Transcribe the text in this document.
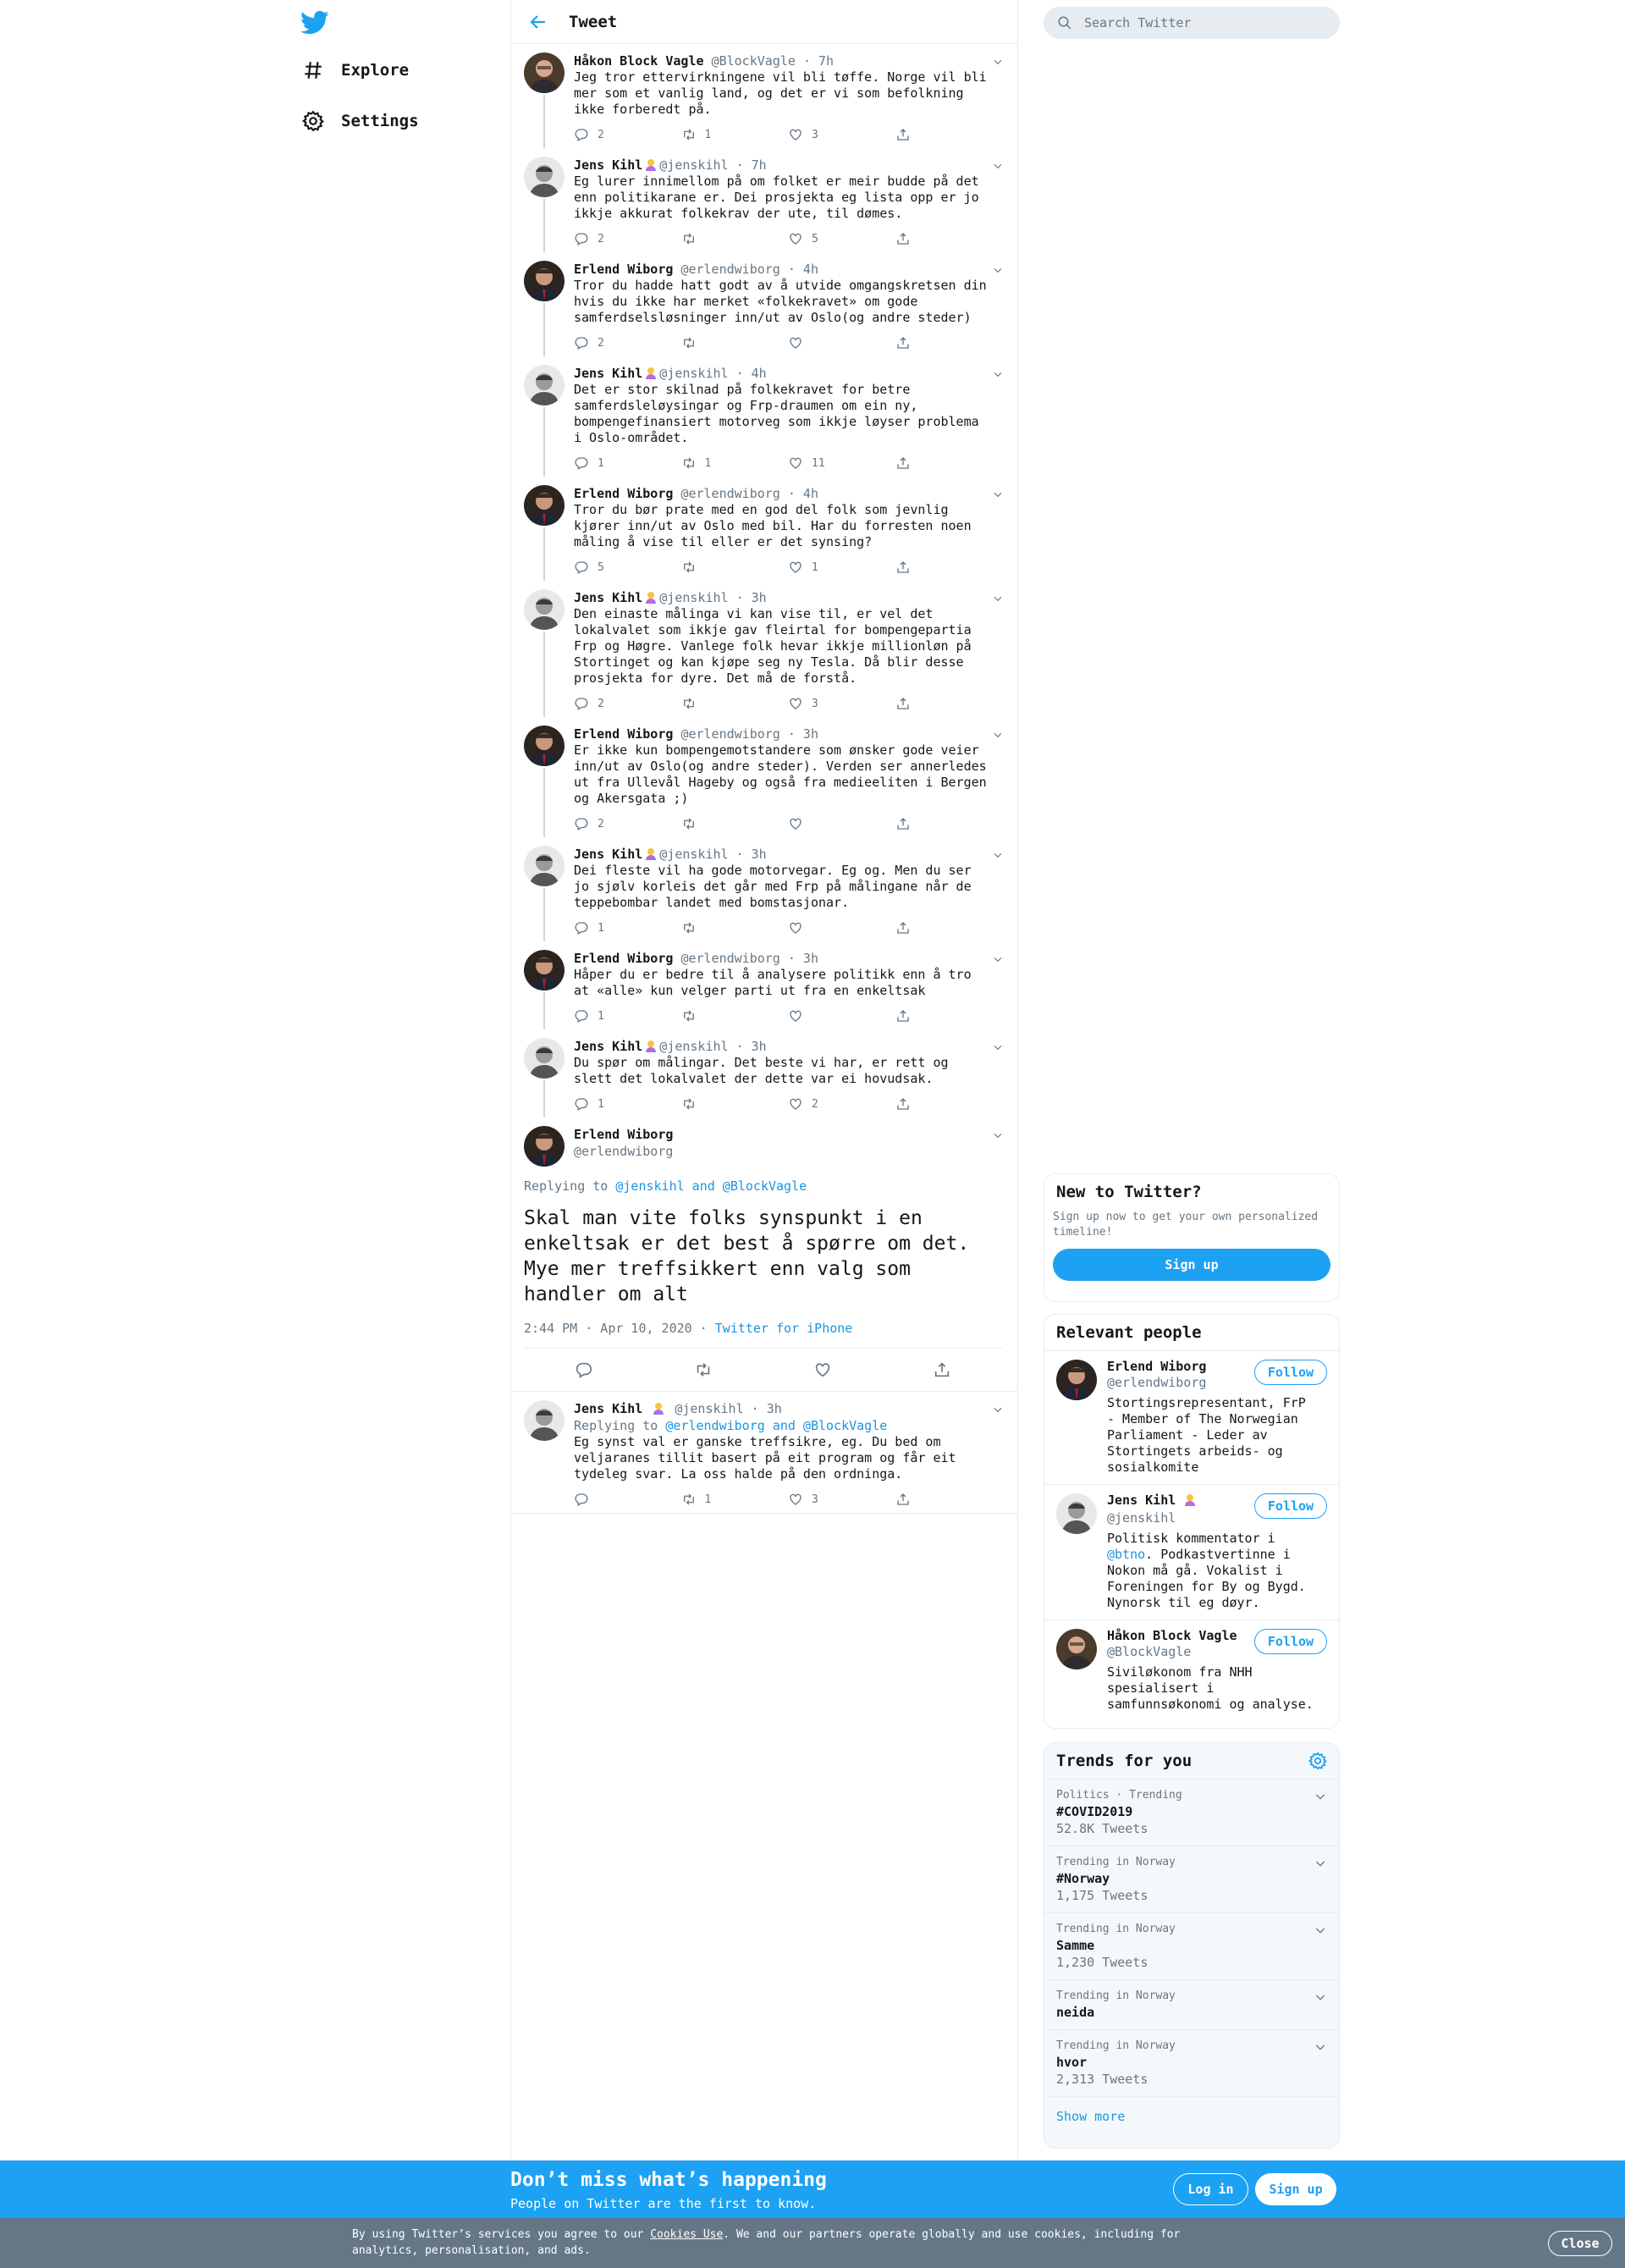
Explore
Settings
Tweet
Håkon Block Vagle @BlockVagle · 7h
Jeg tror ettervirkningene vil bli tøffe. Norge vil bli mer som et vanlig land, og det er vi som befolkning ikke forberedt på.
2	1	3
Jens Kihl @jenskihl · 7h
Eg lurer innimellom på om folket er meir budde på det enn politikarane er. Dei prosjekta eg lista opp er jo ikkje akkurat folkekrav der ute, til dømes.
2	5
Erlend Wiborg @erlendwiborg · 4h
Tror du hadde hatt godt av å utvide omgangskretsen din hvis du ikke har merket «folkekravet» om gode samferdselsløsninger inn/ut av Oslo(og andre steder)
2
Jens Kihl @jenskihl · 4h
Det er stor skilnad på folkekravet for betre samferdsleløysingar og Frp-draumen om ein ny, bompengefinansiert motorveg som ikkje løyser problema i Oslo-området.
1	1	11
Erlend Wiborg @erlendwiborg · 4h
Tror du bør prate med en god del folk som jevnlig kjører inn/ut av Oslo med bil. Har du forresten noen måling å vise til eller er det synsing?
5	1
Jens Kihl @jenskihl · 3h
Den einaste målinga vi kan vise til, er vel det lokalvalet som ikkje gav fleirtal for bompengepartia Frp og Høgre. Vanlege folk hevar ikkje millionløn på Stortinget og kan kjøpe seg ny Tesla. Då blir desse prosjekta for dyre. Det må de forstå.
2	3
Erlend Wiborg @erlendwiborg · 3h
Er ikke kun bompengemotstandere som ønsker gode veier inn/ut av Oslo(og andre steder). Verden ser annerledes ut fra Ullevål Hageby og også fra medieeliten i Bergen og Akersgata ;)
2
Jens Kihl @jenskihl · 3h
Dei fleste vil ha gode motorvegar. Eg og. Men du ser jo sjølv korleis det går med Frp på målingane når de teppebombar landet med bomstasjonar.
1
Erlend Wiborg @erlendwiborg · 3h
Håper du er bedre til å analysere politikk enn å tro at «alle» kun velger parti ut fra en enkeltsak
1
Jens Kihl @jenskihl · 3h
Du spør om målingar. Det beste vi har, er rett og slett det lokalvalet der dette var ei hovudsak.
1	2
Erlend Wiborg
@erlendwiborg
Replying to @jenskihl and @BlockVagle
Skal man vite folks synspunkt i en enkeltsak er det best å spørre om det. Mye mer treffsikkert enn valg som handler om alt
2:44 PM · Apr 10, 2020 · Twitter for iPhone
Jens Kihl	@jenskihl · 3h
Replying to @erlendwiborg and @BlockVagle
Eg synst val er ganske treffsikre, eg. Du bed om veljaranes tillit basert på eit program og får eit tydeleg svar. La oss halde på den ordninga.
1	3
Search Twitter
New to Twitter?
Sign up now to get your own personalized timeline!
Sign up
Relevant people
Erlend Wiborg
@erlendwiborg
Stortingsrepresentant, FrP - Member of The Norwegian Parliament - Leder av Stortingets arbeids- og sosialkomite
Follow
Jens Kihl
@jenskihl
Politisk kommentator i @btno. Podkastvertinne i Nokon må gå. Vokalist i Foreningen for By og Bygd. Nynorsk til eg døyr.
Follow
Håkon Block Vagle
@BlockVagle
Siviløkonom fra NHH spesialisert i samfunnsøkonomi og analyse.
Follow
Trends for you
Politics · Trending
#COVID2019
52.8K Tweets
Trending in Norway
#Norway
1,175 Tweets
Trending in Norway
Samme
1,230 Tweets
Trending in Norway
neida
Trending in Norway
hvor
2,313 Tweets
Show more
Don’t miss what’s happening
People on Twitter are the first to know.
Log in	Sign up
By using Twitter’s services you agree to our Cookies Use. We and our partners operate globally and use cookies, including for analytics, personalisation, and ads.	Close
